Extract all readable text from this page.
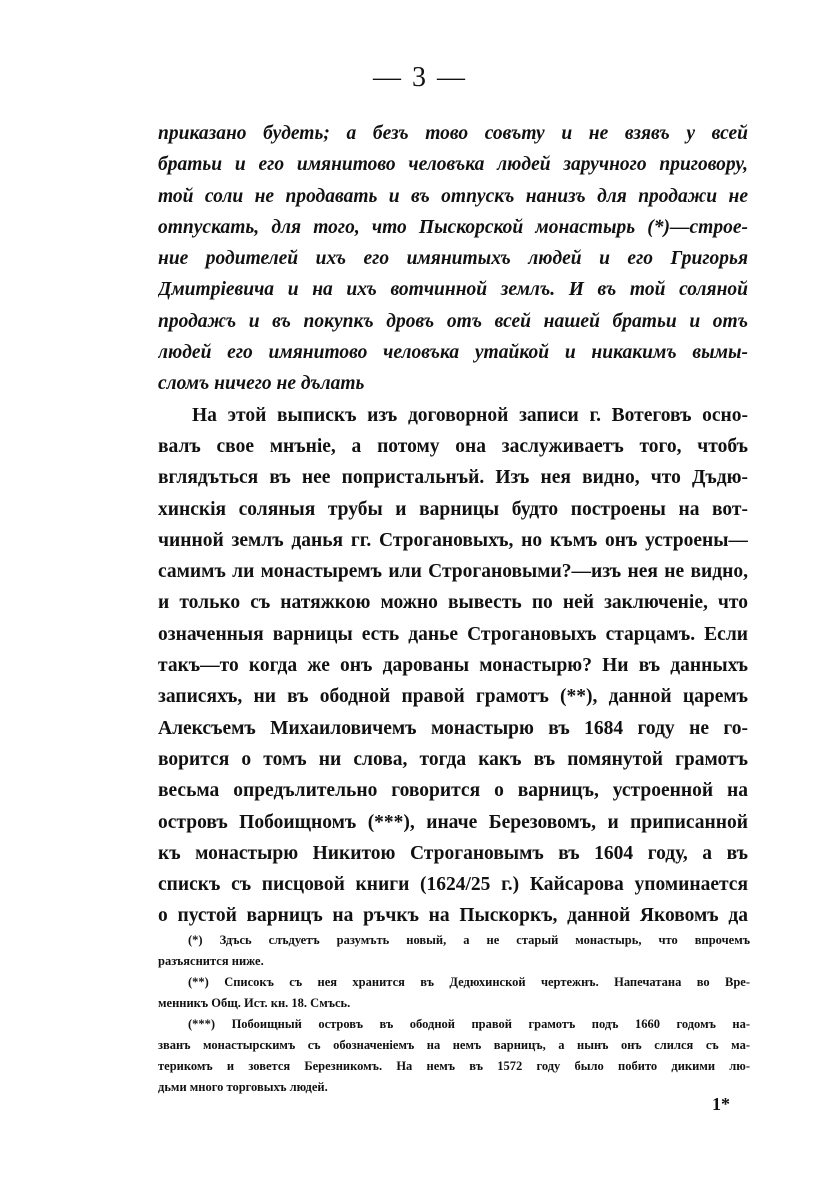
— 3 —
приказано будеть; а безъ тово совъту и не взявъ у всей
братьи и его имянитово человъка людей заручного приговору,
той соли не продавать и въ отпускъ нанизъ для продажи не
отпускать, для того, что Пыскорской монастырь (*)—строе-
ние родителей ихъ его имянитыхъ людей и его Григорья
Дмитріевича и на ихъ вотчинной землъ. И въ той соляной
продажъ и въ покупкъ дровъ отъ всей нашей братьи и отъ
людей его имянитово человъка утайкой и никакимъ вымы-
сломъ ничего не дълать
На этой выпискъ изъ договорной записи г. Вотеговъ осно-
валъ свое мнъніе, а потому она заслуживаетъ того, чтобъ
вглядъться въ нее попристальнъй. Изъ нея видно, что Дъдю-
хинскія соляныя трубы и варницы будто построены на вот-
чинной землъ данья гг. Строгановыхъ, но къмъ онъ устроены—
самимъ ли монастыремъ или Строгановыми?—изъ нея не видно,
и только съ натяжкою можно вывесть по ней заключеніе, что
означенныя варницы есть данье Строгановыхъ старцамъ. Если
такъ—то когда же онъ дарованы монастырю? Ни въ данныхъ
записяхъ, ни въ ободной правой грамотъ (**), данной царемъ
Алексъемъ Михаиловичемъ монастырю въ 1684 году не го-
ворится о томъ ни слова, тогда какъ въ помянутой грамотъ
весьма опредълительно говорится о варницъ, устроенной на
островъ Побоищномъ (***), иначе Березовомъ, и приписанной
къ монастырю Никитою Строгановымъ въ 1604 году, а въ
спискъ съ писцовой книги (1624/25 г.) Кайсарова упоминается
о пустой варницъ на ръчкъ на Пыскоркъ, данной Яковомъ да
(*) Здъсь слъдуетъ разумъть новый, а не старый монастырь, что впрочемъ
разъяснится ниже.
(**) Списокъ съ нея хранится въ Дедюхинской чертежнъ. Напечатана во Вре-
менникъ Общ. Ист. кн. 18. Смъсь.
(***) Побоищный островъ въ ободной правой грамотъ подъ 1660 годомъ на-
званъ монастырскимъ съ обозначеніемъ на немъ варницъ, а нынъ онъ слился съ ма-
терикомъ и зовется Березникомъ. На немъ въ 1572 году было побито дикими лю-
дьми много торговыхъ людей.
1*
